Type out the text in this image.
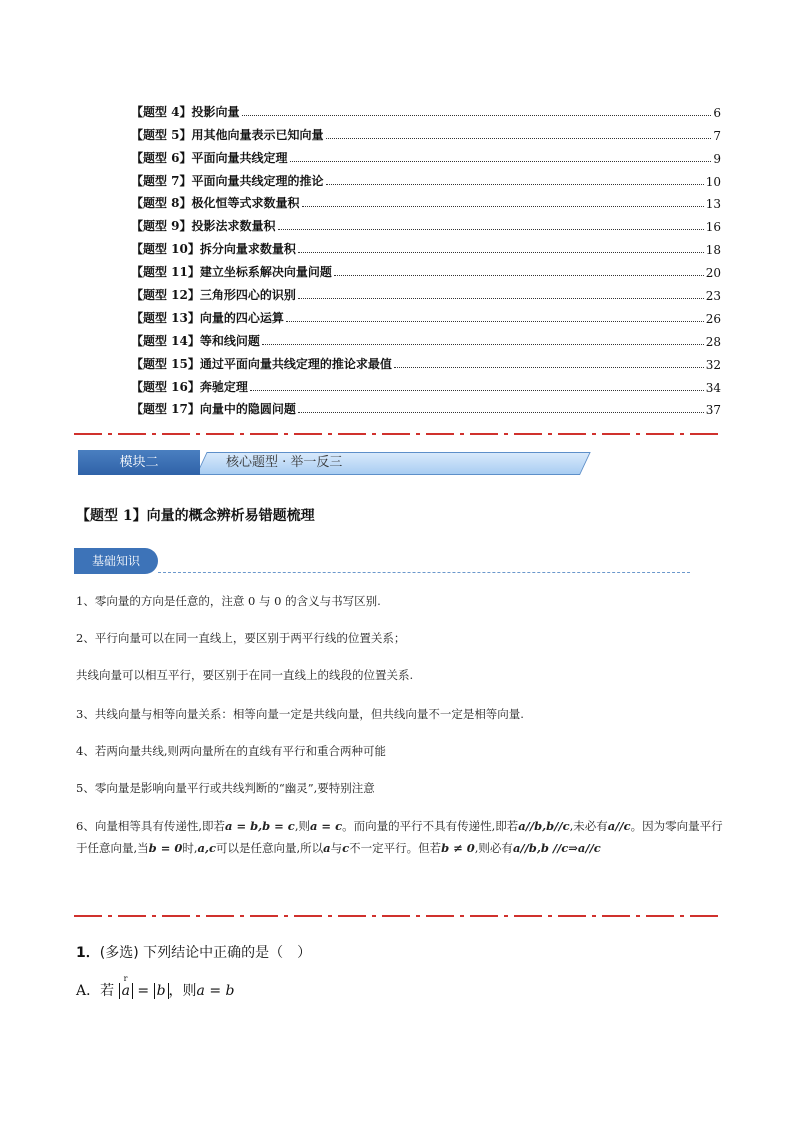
【题型 4】投影向量	6
【题型 5】用其他向量表示已知向量	7
【题型 6】平面向量共线定理	9
【题型 7】平面向量共线定理的推论	10
【题型 8】极化恒等式求数量积	13
【题型 9】投影法求数量积	16
【题型 10】拆分向量求数量积	18
【题型 11】建立坐标系解决向量问题	20
【题型 12】三角形四心的识别	23
【题型 13】向量的四心运算	26
【题型 14】等和线问题	28
【题型 15】通过平面向量共线定理的推论求最值	32
【题型 16】奔驰定理	34
【题型 17】向量中的隐圆问题	37
模块二	核心题型 · 举一反三
【题型 1】向量的概念辨析易错题梳理
基础知识
1、零向量的方向是任意的，注意 0 与 0 的含义与书写区别.
2、平行向量可以在同一直线上，要区别于两平行线的位置关系；
共线向量可以相互平行，要区别于在同一直线上的线段的位置关系.
3、共线向量与相等向量关系：相等向量一定是共线向量，但共线向量不一定是相等向量.
4、若两向量共线,则两向量所在的直线有平行和重合两种可能
5、零向量是影响向量平行或共线判断的“幽灵”,要特别注意
6、向量相等具有传递性,即若a = b,b = c,则a = c。而向量的平行不具有传递性,即若a//b,b//c,未必有a//c。因为零向量平行于任意向量,当b = 0时,a,c可以是任意向量,所以a与c不一定平行。但若b ≠ 0,则必有a//b,b //c⇒a//c
1．(多选) 下列结论中正确的是（　）
A．若
r
a = b ，则a = b
